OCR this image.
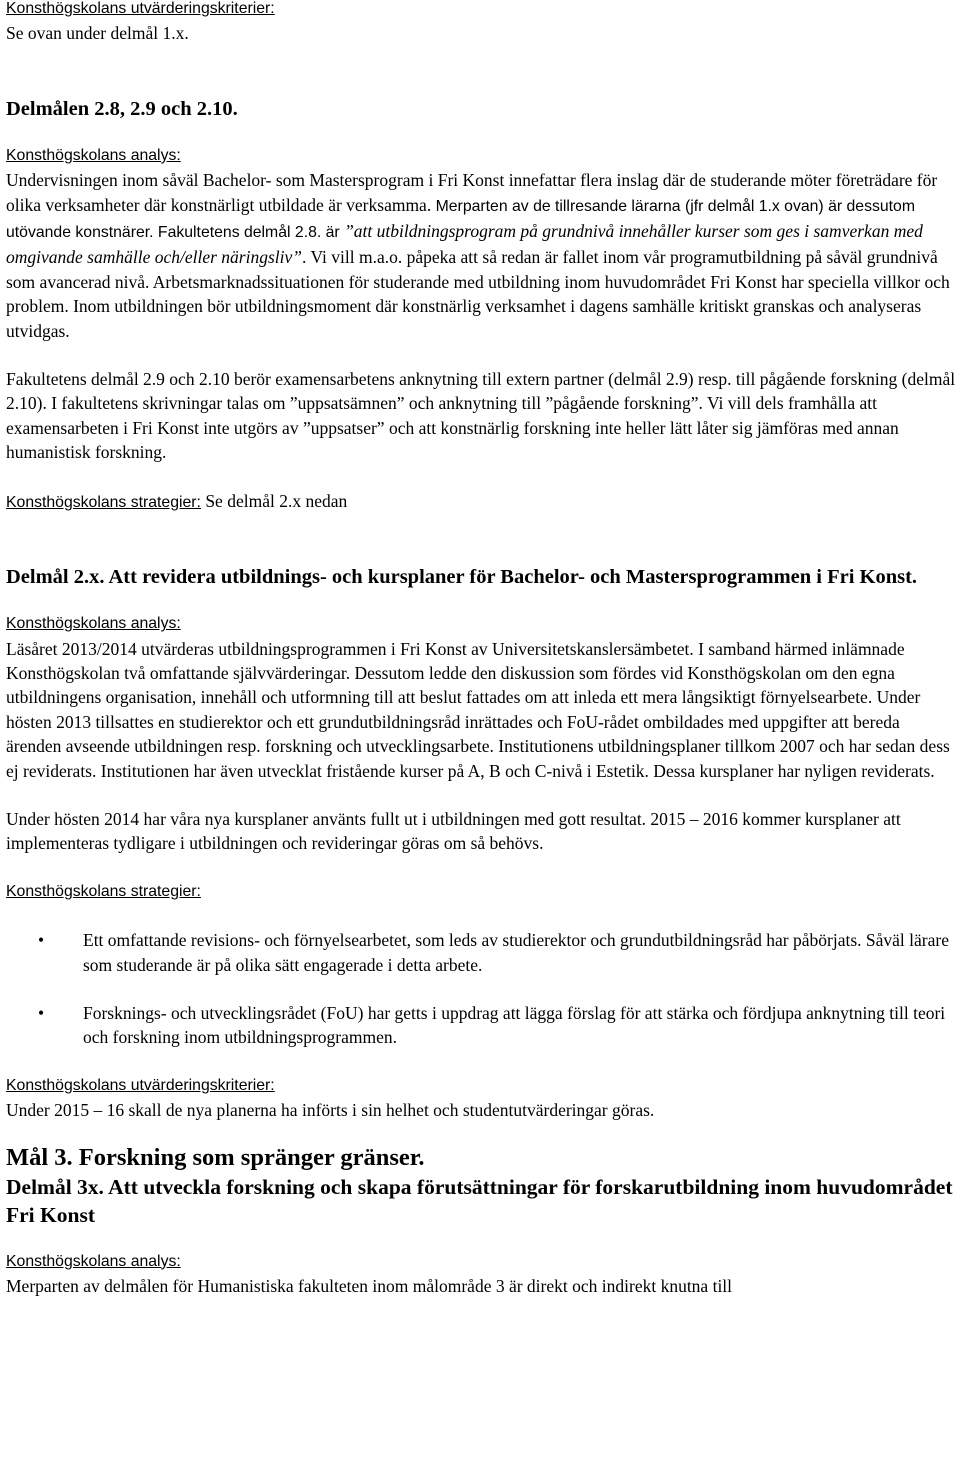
Konsthögskolans utvärderingskriterier:

Se ovan under delmål 1.x.

Delmålen 2.8, 2.9 och 2.10.

Konsthögskolans analys:

Undervisningen inom såväl Bachelor- som Mastersprogram i Fri Konst innefattar flera inslag där de studerande möter företrädare för olika verksamheter där konstnärligt utbildade är verksamma. Merparten av de tillresande lärarna (jfr delmål 1.x ovan) är dessutom utövande konstnärer. Fakultetens delmål 2.8. är ”att utbildningsprogram på grundnivå innehåller kurser som ges i samverkan med omgivande samhälle och/eller näringsliv”. Vi vill m.a.o. påpeka att så redan är fallet inom vår programutbildning på såväl grundnivå som avancerad nivå. Arbetsmarknadssituationen för studerande med utbildning inom huvudområdet Fri Konst har speciella villkor och problem. Inom utbildningen bör utbildningsmoment där konstnärlig verksamhet i dagens samhälle kritiskt granskas och analyseras utvidgas.

Fakultetens delmål 2.9 och 2.10 berör examensarbetens anknytning till extern partner (delmål 2.9) resp. till pågående forskning (delmål 2.10). I fakultetens skrivningar talas om ”uppsatsämnen” och anknytning till ”pågående forskning”. Vi vill dels framhålla att examensarbeten i Fri Konst inte utgörs av ”uppsatser” och att konstnärlig forskning inte heller lätt låter sig jämföras med annan humanistisk forskning.

Konsthögskolans strategier: Se delmål 2.x nedan

Delmål 2.x. Att revidera utbildnings- och kursplaner för Bachelor- och Mastersprogrammen i Fri Konst.

Konsthögskolans analys:

Läsåret 2013/2014 utvärderas utbildningsprogrammen i Fri Konst av Universitetskanslersämbetet. I samband härmed inlämnade Konsthögskolan två omfattande självvärderingar. Dessutom ledde den diskussion som fördes vid Konsthögskolan om den egna utbildningens organisation, innehåll och utformning till att beslut fattades om att inleda ett mera långsiktigt förnyelsearbete. Under hösten 2013 tillsattes en studierektor och ett grundutbildningsråd inrättades och FoU-rådet ombildades med uppgifter att bereda ärenden avseende utbildningen resp. forskning och utvecklingsarbete. Institutionens utbildningsplaner tillkom 2007 och har sedan dess ej reviderats. Institutionen har även utvecklat fristående kurser på A, B och C-nivå i Estetik. Dessa kursplaner har nyligen reviderats.

Under hösten 2014 har våra nya kursplaner använts fullt ut i utbildningen med gott resultat. 2015 – 2016 kommer kursplaner att implementeras tydligare i utbildningen och revideringar göras om så behövs.

Konsthögskolans strategier:

• Ett omfattande revisions- och förnyelsearbetet, som leds av studierektor och grundutbildningsråd har påbörjats. Såväl lärare som studerande är på olika sätt engagerade i detta arbete.
• Forsknings- och utvecklingsrådet (FoU) har getts i uppdrag att lägga förslag för att stärka och fördjupa anknytning till teori och forskning inom utbildningsprogrammen.

Konsthögskolans utvärderingskriterier:

Under 2015 – 16 skall de nya planerna ha införts i sin helhet och studentutvärderingar göras.

Mål 3. Forskning som spränger gränser.

Delmål 3x. Att utveckla forskning och skapa förutsättningar för forskarutbildning inom huvudområdet Fri Konst

Konsthögskolans analys:

Merparten av delmålen för Humanistiska fakulteten inom målområde 3 är direkt och indirekt knutna till
